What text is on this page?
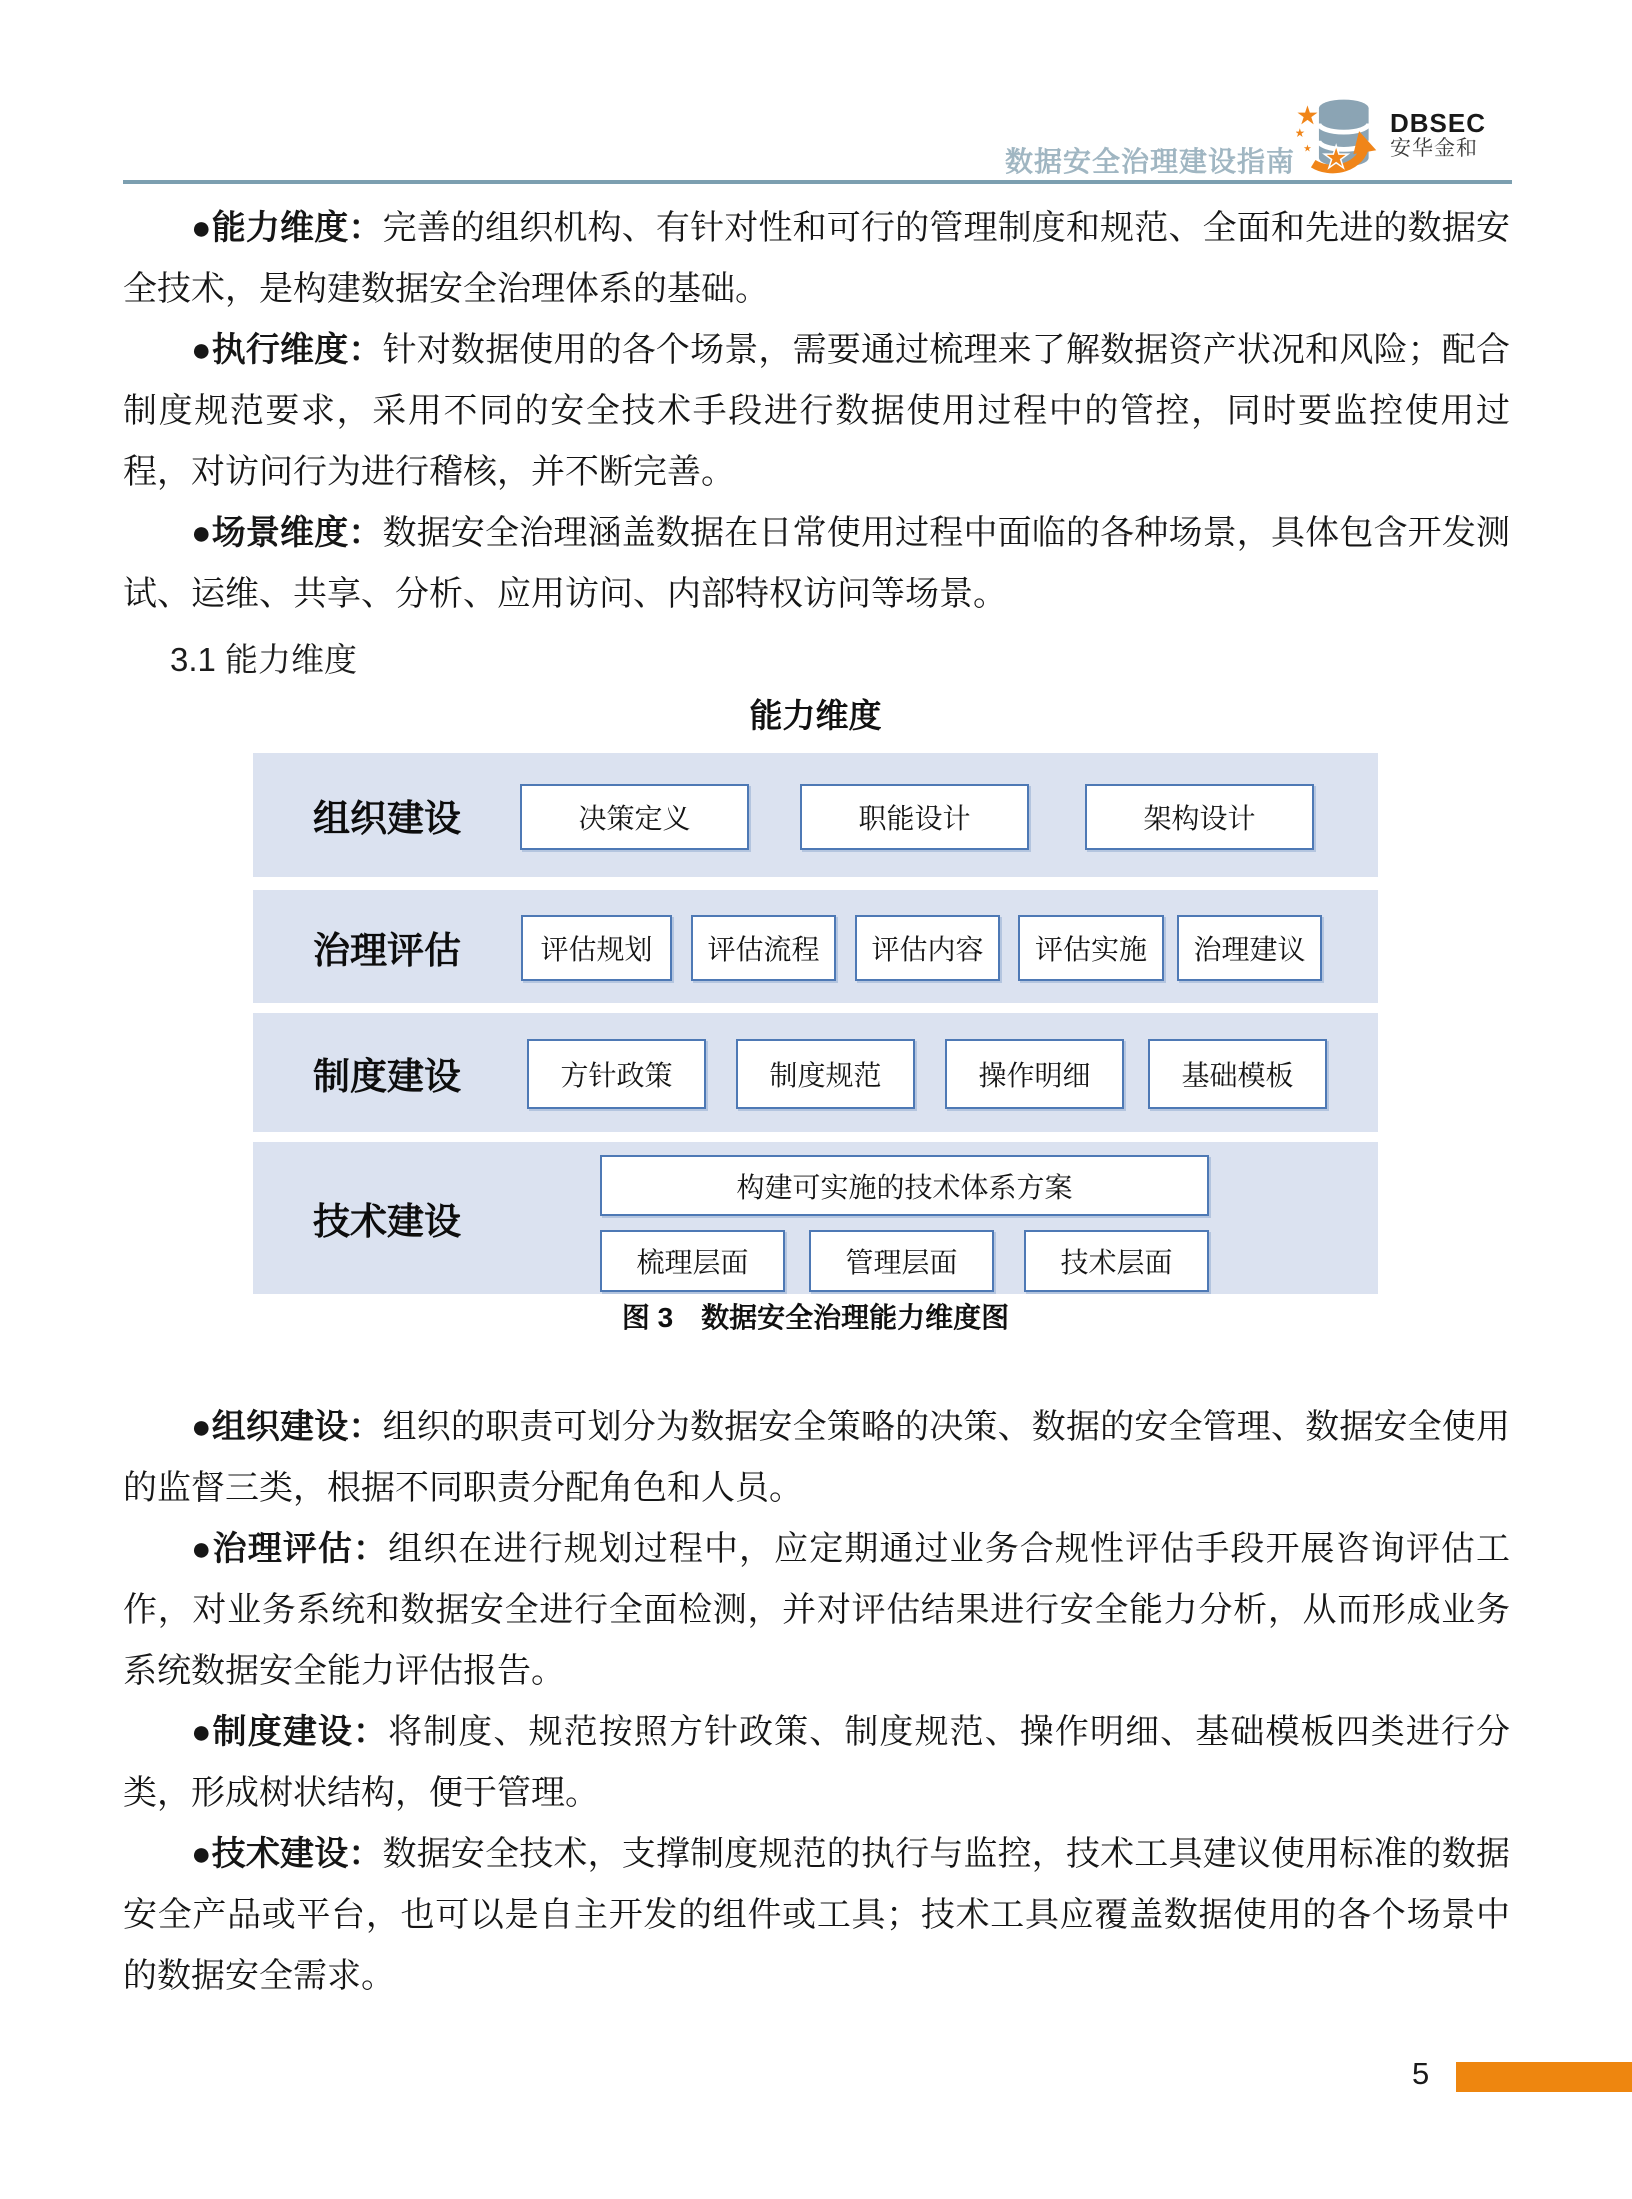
数据安全治理建设指南
DBSEC
安华金和

●能力维度：完善的组织机构、有针对性和可行的管理制度和规范、全面和先进的数据安全技术，是构建数据安全治理体系的基础。

●执行维度：针对数据使用的各个场景，需要通过梳理来了解数据资产状况和风险；配合制度规范要求，采用不同的安全技术手段进行数据使用过程中的管控，同时要监控使用过程，对访问行为进行稽核，并不断完善。

●场景维度：数据安全治理涵盖数据在日常使用过程中面临的各种场景，具体包含开发测试、运维、共享、分析、应用访问、内部特权访问等场景。

3.1 能力维度
能力维度
组织建设	决策定义	职能设计	架构设计
治理评估	评估规划	评估流程	评估内容	评估实施	治理建议
制度建设	方针政策	制度规范	操作明细	基础模板
技术建设
构建可实施的技术体系方案
梳理层面	管理层面	技术层面
图 3　数据安全治理能力维度图

●组织建设：组织的职责可划分为数据安全策略的决策、数据的安全管理、数据安全使用的监督三类，根据不同职责分配角色和人员。

●治理评估：组织在进行规划过程中，应定期通过业务合规性评估手段开展咨询评估工作，对业务系统和数据安全进行全面检测，并对评估结果进行安全能力分析，从而形成业务系统数据安全能力评估报告。

●制度建设：将制度、规范按照方针政策、制度规范、操作明细、基础模板四类进行分类，形成树状结构，便于管理。

●技术建设：数据安全技术，支撑制度规范的执行与监控，技术工具建议使用标准的数据安全产品或平台，也可以是自主开发的组件或工具；技术工具应覆盖数据使用的各个场景中的数据安全需求。

5
